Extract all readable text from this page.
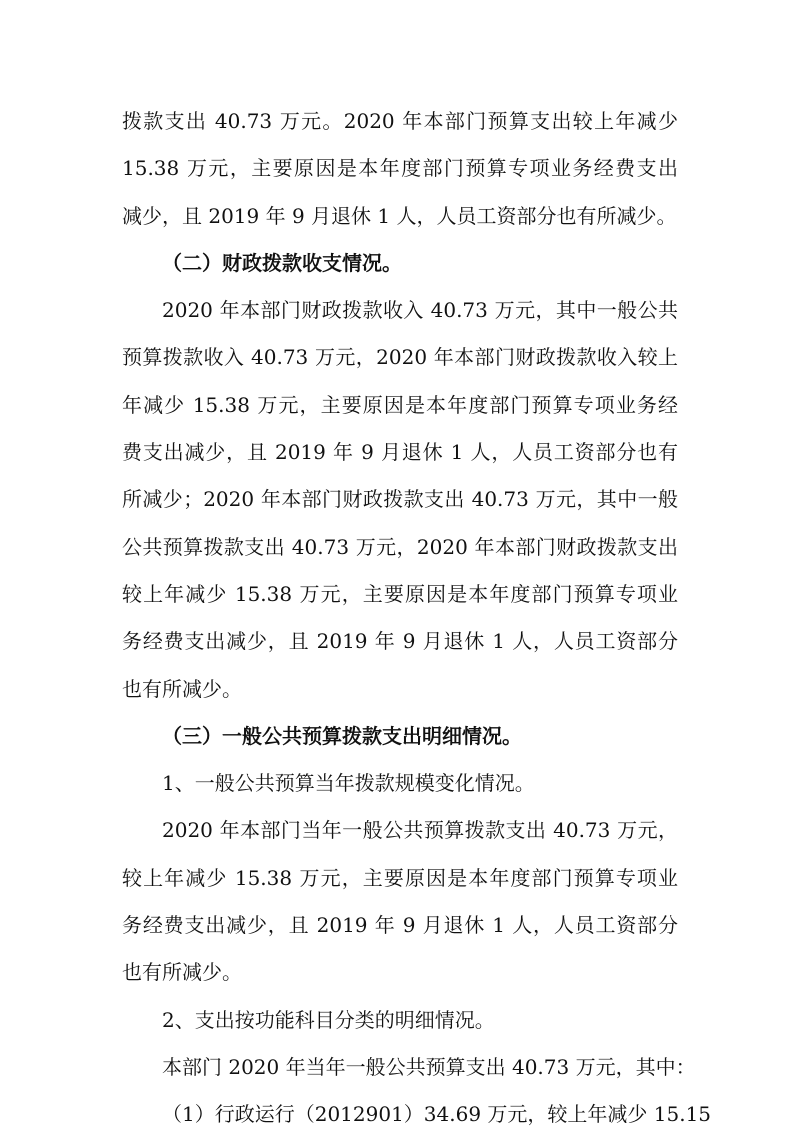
拨款支出 40.73 万元。2020 年本部门预算支出较上年减少
15.38 万元，主要原因是本年度部门预算专项业务经费支出
减少，且 2019 年 9 月退休 1 人，人员工资部分也有所减少。
（二）财政拨款收支情况。
2020 年本部门财政拨款收入 40.73 万元，其中一般公共
预算拨款收入 40.73 万元，2020 年本部门财政拨款收入较上
年减少 15.38 万元，主要原因是本年度部门预算专项业务经
费支出减少，且 2019 年 9 月退休 1 人，人员工资部分也有
所减少；2020 年本部门财政拨款支出 40.73 万元，其中一般
公共预算拨款支出 40.73 万元，2020 年本部门财政拨款支出
较上年减少 15.38 万元，主要原因是本年度部门预算专项业
务经费支出减少，且 2019 年 9 月退休 1 人，人员工资部分
也有所减少。
（三）一般公共预算拨款支出明细情况。
1、一般公共预算当年拨款规模变化情况。
2020 年本部门当年一般公共预算拨款支出 40.73 万元，
较上年减少 15.38 万元，主要原因是本年度部门预算专项业
务经费支出减少，且 2019 年 9 月退休 1 人，人员工资部分
也有所减少。
2、支出按功能科目分类的明细情况。
本部门 2020 年当年一般公共预算支出 40.73 万元，其中：
（1）行政运行（2012901）34.69 万元，较上年减少 15.15
